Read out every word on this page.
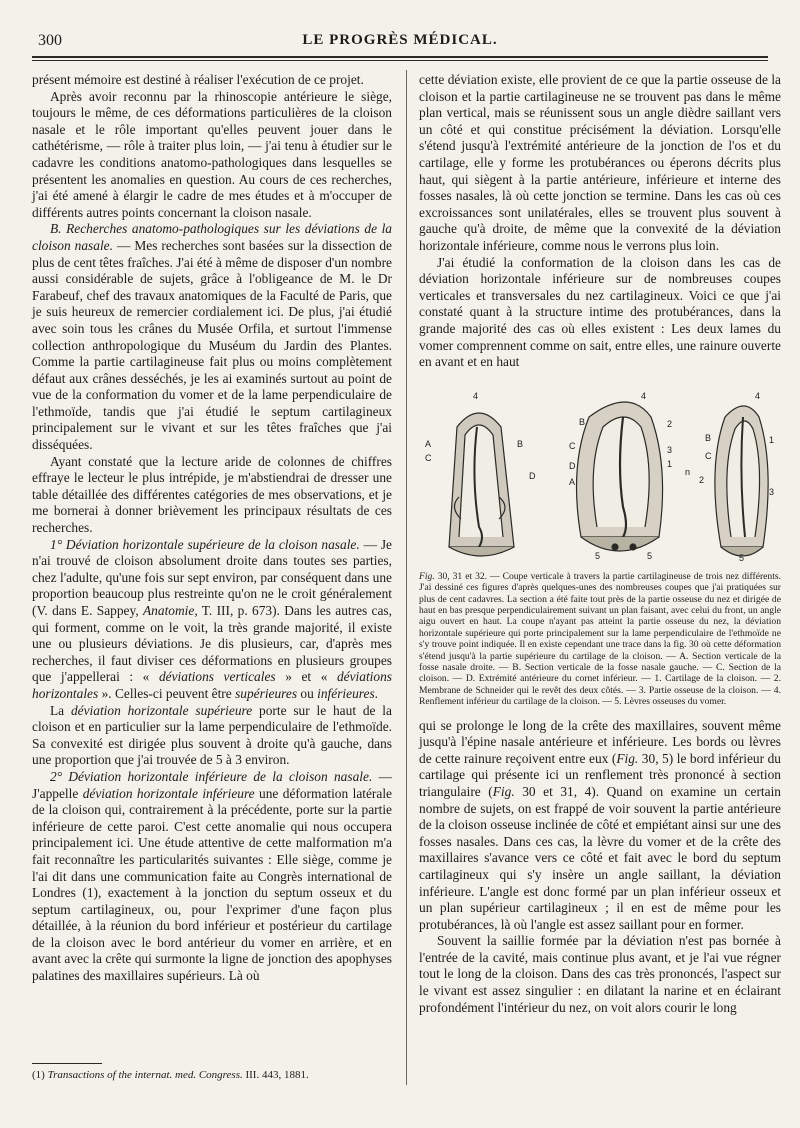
300	LE PROGRÈS MÉDICAL.

présent mémoire est destiné à réaliser l'exécution de ce projet.

Après avoir reconnu par la rhinoscopie antérieure le siège, toujours le même, de ces déformations particulières de la cloison nasale et le rôle important qu'elles peuvent jouer dans le cathétérisme, — rôle à traiter plus loin, — j'ai tenu à étudier sur le cadavre les conditions anatomo-pathologiques dans lesquelles se présentent les anomalies en question. Au cours de ces recherches, j'ai été amené à élargir le cadre de mes études et à m'occuper de différents autres points concernant la cloison nasale.

B. Recherches anatomo-pathologiques sur les déviations de la cloison nasale. — Mes recherches sont basées sur la dissection de plus de cent têtes fraîches. J'ai été à même de disposer d'un nombre aussi considérable de sujets, grâce à l'obligeance de M. le Dr Farabeuf, chef des travaux anatomiques de la Faculté de Paris, que je suis heureux de remercier cordialement ici. De plus, j'ai étudié avec soin tous les crânes du Musée Orfila, et surtout l'immense collection anthropologique du Muséum du Jardin des Plantes. Comme la partie cartilagineuse fait plus ou moins complètement défaut aux crânes desséchés, je les ai examinés surtout au point de vue de la conformation du vomer et de la lame perpendiculaire de l'ethmoïde, tandis que j'ai étudié le septum cartilagineux principalement sur le vivant et sur les têtes fraîches que j'ai disséquées.

Ayant constaté que la lecture aride de colonnes de chiffres effraye le lecteur le plus intrépide, je m'abstiendrai de dresser une table détaillée des différentes catégories de mes observations, et je me bornerai à donner brièvement les principaux résultats de ces recherches.

1° Déviation horizontale supérieure de la cloison nasale. — Je n'ai trouvé de cloison absolument droite dans toutes ses parties, chez l'adulte, qu'une fois sur sept environ, par conséquent dans une proportion beaucoup plus restreinte qu'on ne le croit généralement (V. dans E. Sappey, Anatomie, T. III, p. 673). Dans les autres cas, qui forment, comme on le voit, la très grande majorité, il existe une ou plusieurs déviations. Je dis plusieurs, car, d'après mes recherches, il faut diviser ces déformations en plusieurs groupes que j'appellerai : « déviations verticales » et « déviations horizontales ». Celles-ci peuvent être supérieures ou inférieures.

La déviation horizontale supérieure porte sur le haut de la cloison et en particulier sur la lame perpendiculaire de l'ethmoïde. Sa convexité est dirigée plus souvent à droite qu'à gauche, dans une proportion que j'ai trouvée de 5 à 3 environ.

2° Déviation horizontale inférieure de la cloison nasale. — J'appelle déviation horizontale inférieure une déformation latérale de la cloison qui, contrairement à la précédente, porte sur la partie inférieure de cette paroi. C'est cette anomalie qui nous occupera principalement ici. Une étude attentive de cette malformation m'a fait reconnaître les particularités suivantes : Elle siège, comme je l'ai dit dans une communication faite au Congrès international de Londres (1), exactement à la jonction du septum osseux et du septum cartilagineux, ou, pour l'exprimer d'une façon plus détaillée, à la réunion du bord inférieur et postérieur du cartilage de la cloison avec le bord antérieur du vomer en arrière, et en avant avec la crête qui surmonte la ligne de jonction des apophyses palatines des maxillaires supérieurs. Là où

cette déviation existe, elle provient de ce que la partie osseuse de la cloison et la partie cartilagineuse ne se trouvent pas dans le même plan vertical, mais se réunissent sous un angle dièdre saillant vers un côté et qui constitue précisément la déviation. Lorsqu'elle s'étend jusqu'à l'extrémité antérieure de la jonction de l'os et du cartilage, elle y forme les protubérances ou éperons décrits plus haut, qui siègent à la partie antérieure, inférieure et interne des fosses nasales, là où cette jonction se termine. Dans les cas où ces excroissances sont unilatérales, elles se trouvent plus souvent à gauche qu'à droite, de même que la convexité de la déviation horizontale inférieure, comme nous le verrons plus loin.

J'ai étudié la conformation de la cloison dans les cas de déviation horizontale inférieure sur de nombreuses coupes verticales et transversales du nez cartilagineux. Voici ce que j'ai constaté quant à la structure intime des protubérances, dans la grande majorité des cas où elles existent : Les deux lames du vomer comprennent comme on sait, entre elles, une rainure ouverte en avant et en haut

4
A
C
B
D
4
B	2
C	3
1
D
A
n
5	5
4
B	1
C
2
3
5

Fig. 30, 31 et 32. — Coupe verticale à travers la partie cartilagineuse de trois nez différents. J'ai dessiné ces figures d'après quelques-unes des nombreuses coupes que j'ai pratiquées sur plus de cent cadavres. La section a été faite tout près de la partie osseuse du nez et dirigée de haut en bas presque perpendiculairement suivant un plan faisant, avec celui du front, un angle aigu ouvert en haut. La coupe n'ayant pas atteint la partie osseuse du nez, la déviation horizontale supérieure qui porte principalement sur la lame perpendiculaire de l'ethmoïde ne s'y trouve point indiquée. Il en existe cependant une trace dans la fig. 30 où cette déformation s'étend jusqu'à la partie supérieure du cartilage de la cloison. — A. Section verticale de la fosse nasale droite. — B. Section verticale de la fosse nasale gauche. — C. Section de la cloison. — D. Extrémité antérieure du cornet inférieur. — 1. Cartilage de la cloison. — 2. Membrane de Schneider qui le revêt des deux côtés. — 3. Partie osseuse de la cloison. — 4. Renflement inférieur du cartilage de la cloison. — 5. Lèvres osseuses du vomer.

qui se prolonge le long de la crête des maxillaires, souvent même jusqu'à l'épine nasale antérieure et inférieure. Les bords ou lèvres de cette rainure reçoivent entre eux (Fig. 30, 5) le bord inférieur du cartilage qui présente ici un renflement très prononcé à section triangulaire (Fig. 30 et 31, 4). Quand on examine un certain nombre de sujets, on est frappé de voir souvent la partie antérieure de la cloison osseuse inclinée de côté et empiétant ainsi sur une des fosses nasales. Dans ces cas, la lèvre du vomer et de la crête des maxillaires s'avance vers ce côté et fait avec le bord du septum cartilagineux qui s'y insère un angle saillant, la déviation inférieure. L'angle est donc formé par un plan inférieur osseux et un plan supérieur cartilagineux ; il en est de même pour les protubérances, là où l'angle est assez saillant pour en former.

Souvent la saillie formée par la déviation n'est pas bornée à l'entrée de la cavité, mais continue plus avant, et je l'ai vue régner tout le long de la cloison. Dans des cas très prononcés, l'aspect sur le vivant est assez singulier : en dilatant la narine et en éclairant profondément l'intérieur du nez, on voit alors courir le long

(1) Transactions of the internat. med. Congress. III. 443, 1881.
